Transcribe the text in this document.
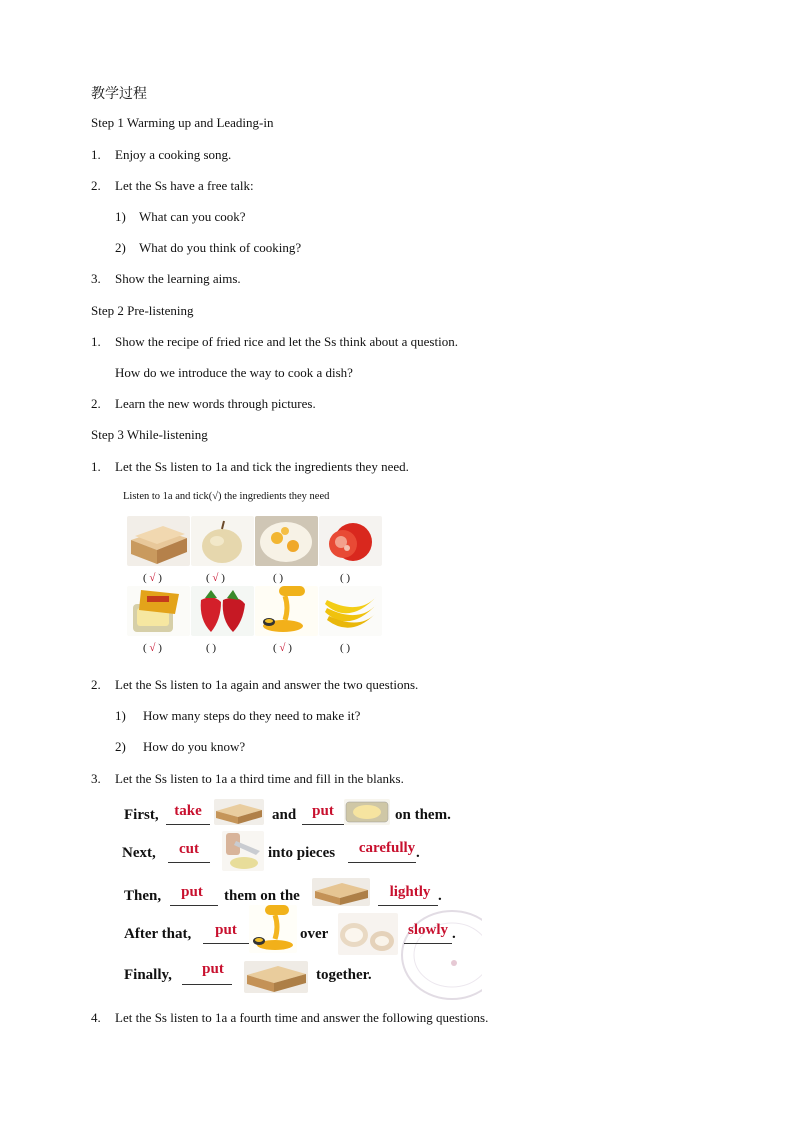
教学过程
Step 1 Warming up and Leading-in
1. Enjoy a cooking song.
2. Let the Ss have a free talk:
1) What can you cook?
2) What do you think of cooking?
3. Show the learning aims.
Step 2 Pre-listening
1. Show the recipe of fried rice and let the Ss think about a question.
How do we introduce the way to cook a dish?
2. Learn the new words through pictures.
Step 3 While-listening
1. Let the Ss listen to 1a and tick the ingredients they need.
Listen to 1a and tick(√) the ingredients they need
( √ )	( √ )	( )	( )
( √ )	( )	( √ )	( )
2. Let the Ss listen to 1a again and answer the two questions.
1) How many steps do they need to make it?
2) How do you know?
3. Let the Ss listen to 1a a third time and fill in the blanks.
First,	take	and	put	on them.
Next,	cut	into pieces	carefully .
Then,	put	them on the	lightly .
After that,	put	over	slowly .
Finally,	put	together.
4. Let the Ss listen to 1a a fourth time and answer the following questions.
